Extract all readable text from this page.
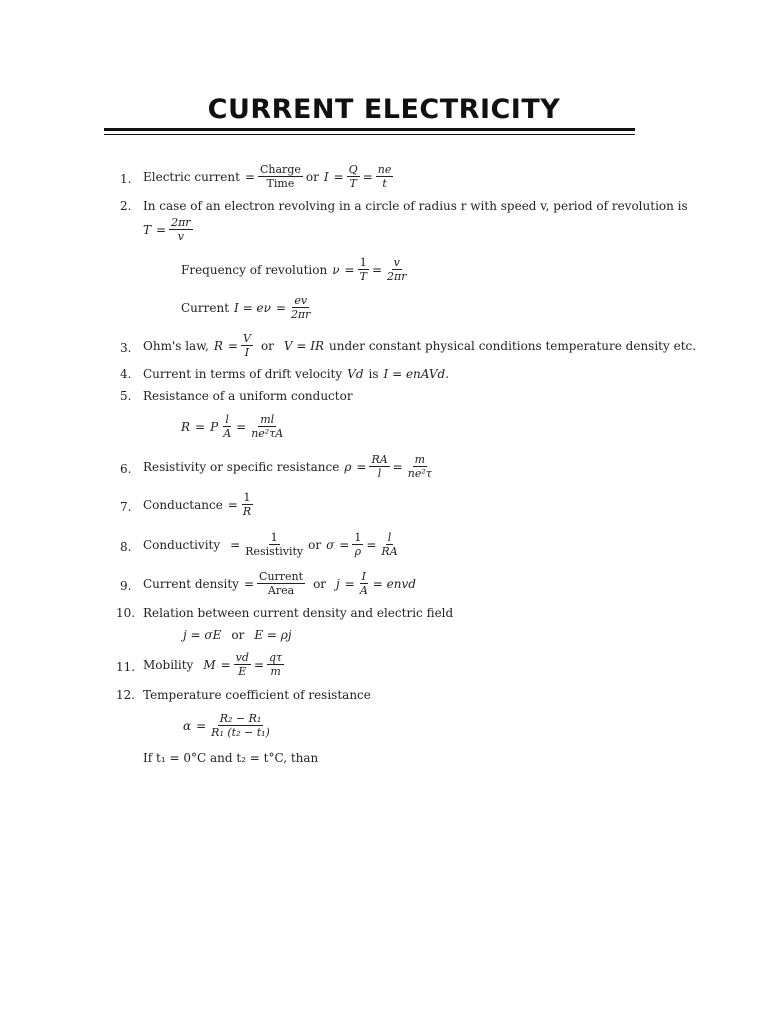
CURRENT ELECTRICITY
1. Electric current = $\frac{\text{Charge}}{\text{Time}}$ or $I = \frac{Q}{T} = \frac{ne}{t}$
2. In case of an electron revolving in a circle of radius r with speed v, period of revolution is
$T = \frac{2\pi r}{v}$
Frequency of revolution $\nu = \frac{1}{T} = \frac{v}{2\pi r}$
Current $I = e\nu = \frac{ev}{2\pi r}$
3. Ohm's law, $R = \frac{V}{I}$ or V = IR under constant physical conditions temperature density etc.
4. Current in terms of drift velocity Vd is I = enAVd.
5. Resistance of a uniform conductor
R = P $\frac{l}{A} = \frac{ml}{\text{ne²τA}}$
6. Resistivity or specific resistance $\rho = \frac{RA}{l} = \frac{m}{\text{ne²τ}}$
7. Conductance = $\frac{1}{R}$
8. Conductivity = $\frac{1}{\text{Resistivity}}$ or $\sigma = \frac{1}{\rho} = \frac{l}{RA}$
9. Current density = $\frac{\text{Current}}{\text{Area}}$ or $j = \frac{I}{A}$ = envd
10. Relation between current density and electric field
j = σE or E = ρj
11. Mobility $M = \frac{vd}{E} = \frac{q\tau}{m}$
12. Temperature coefficient of resistance
$\alpha = \frac{\text{R₂ − R₁}}{\text{R₁ (t₂ − t₁)}}$
If t₁ = 0°C and t₂ = t°C, than
